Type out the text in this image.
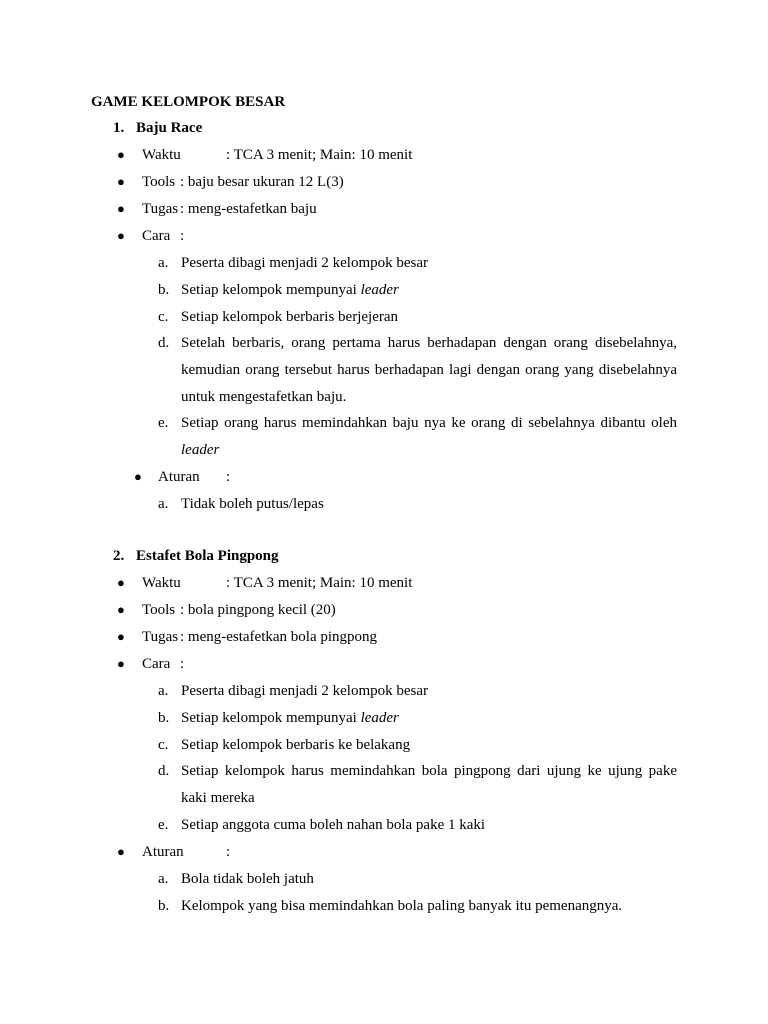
GAME KELOMPOK BESAR
1. Baju Race
● Waktu	: TCA 3 menit; Main: 10 menit
● Tools : baju besar ukuran 12 L(3)
● Tugas : meng-estafetkan baju
● Cara :
a. Peserta dibagi menjadi 2 kelompok besar
b. Setiap kelompok mempunyai leader
c. Setiap kelompok berbaris berjejeran
d. Setelah berbaris, orang pertama harus berhadapan dengan orang disebelahnya,
kemudian orang tersebut harus berhadapan lagi dengan orang yang disebelahnya
untuk mengestafetkan baju.
e. Setiap orang harus memindahkan baju nya ke orang di sebelahnya dibantu oleh
leader
● Aturan :
a. Tidak boleh putus/lepas
2. Estafet Bola Pingpong
● Waktu	: TCA 3 menit; Main: 10 menit
● Tools : bola pingpong kecil (20)
● Tugas : meng-estafetkan bola pingpong
● Cara :
a. Peserta dibagi menjadi 2 kelompok besar
b. Setiap kelompok mempunyai leader
c. Setiap kelompok berbaris ke belakang
d. Setiap kelompok harus memindahkan bola pingpong dari ujung ke ujung pake
kaki mereka
e. Setiap anggota cuma boleh nahan bola pake 1 kaki
● Aturan	:
a. Bola tidak boleh jatuh
b. Kelompok yang bisa memindahkan bola paling banyak itu pemenangnya.
